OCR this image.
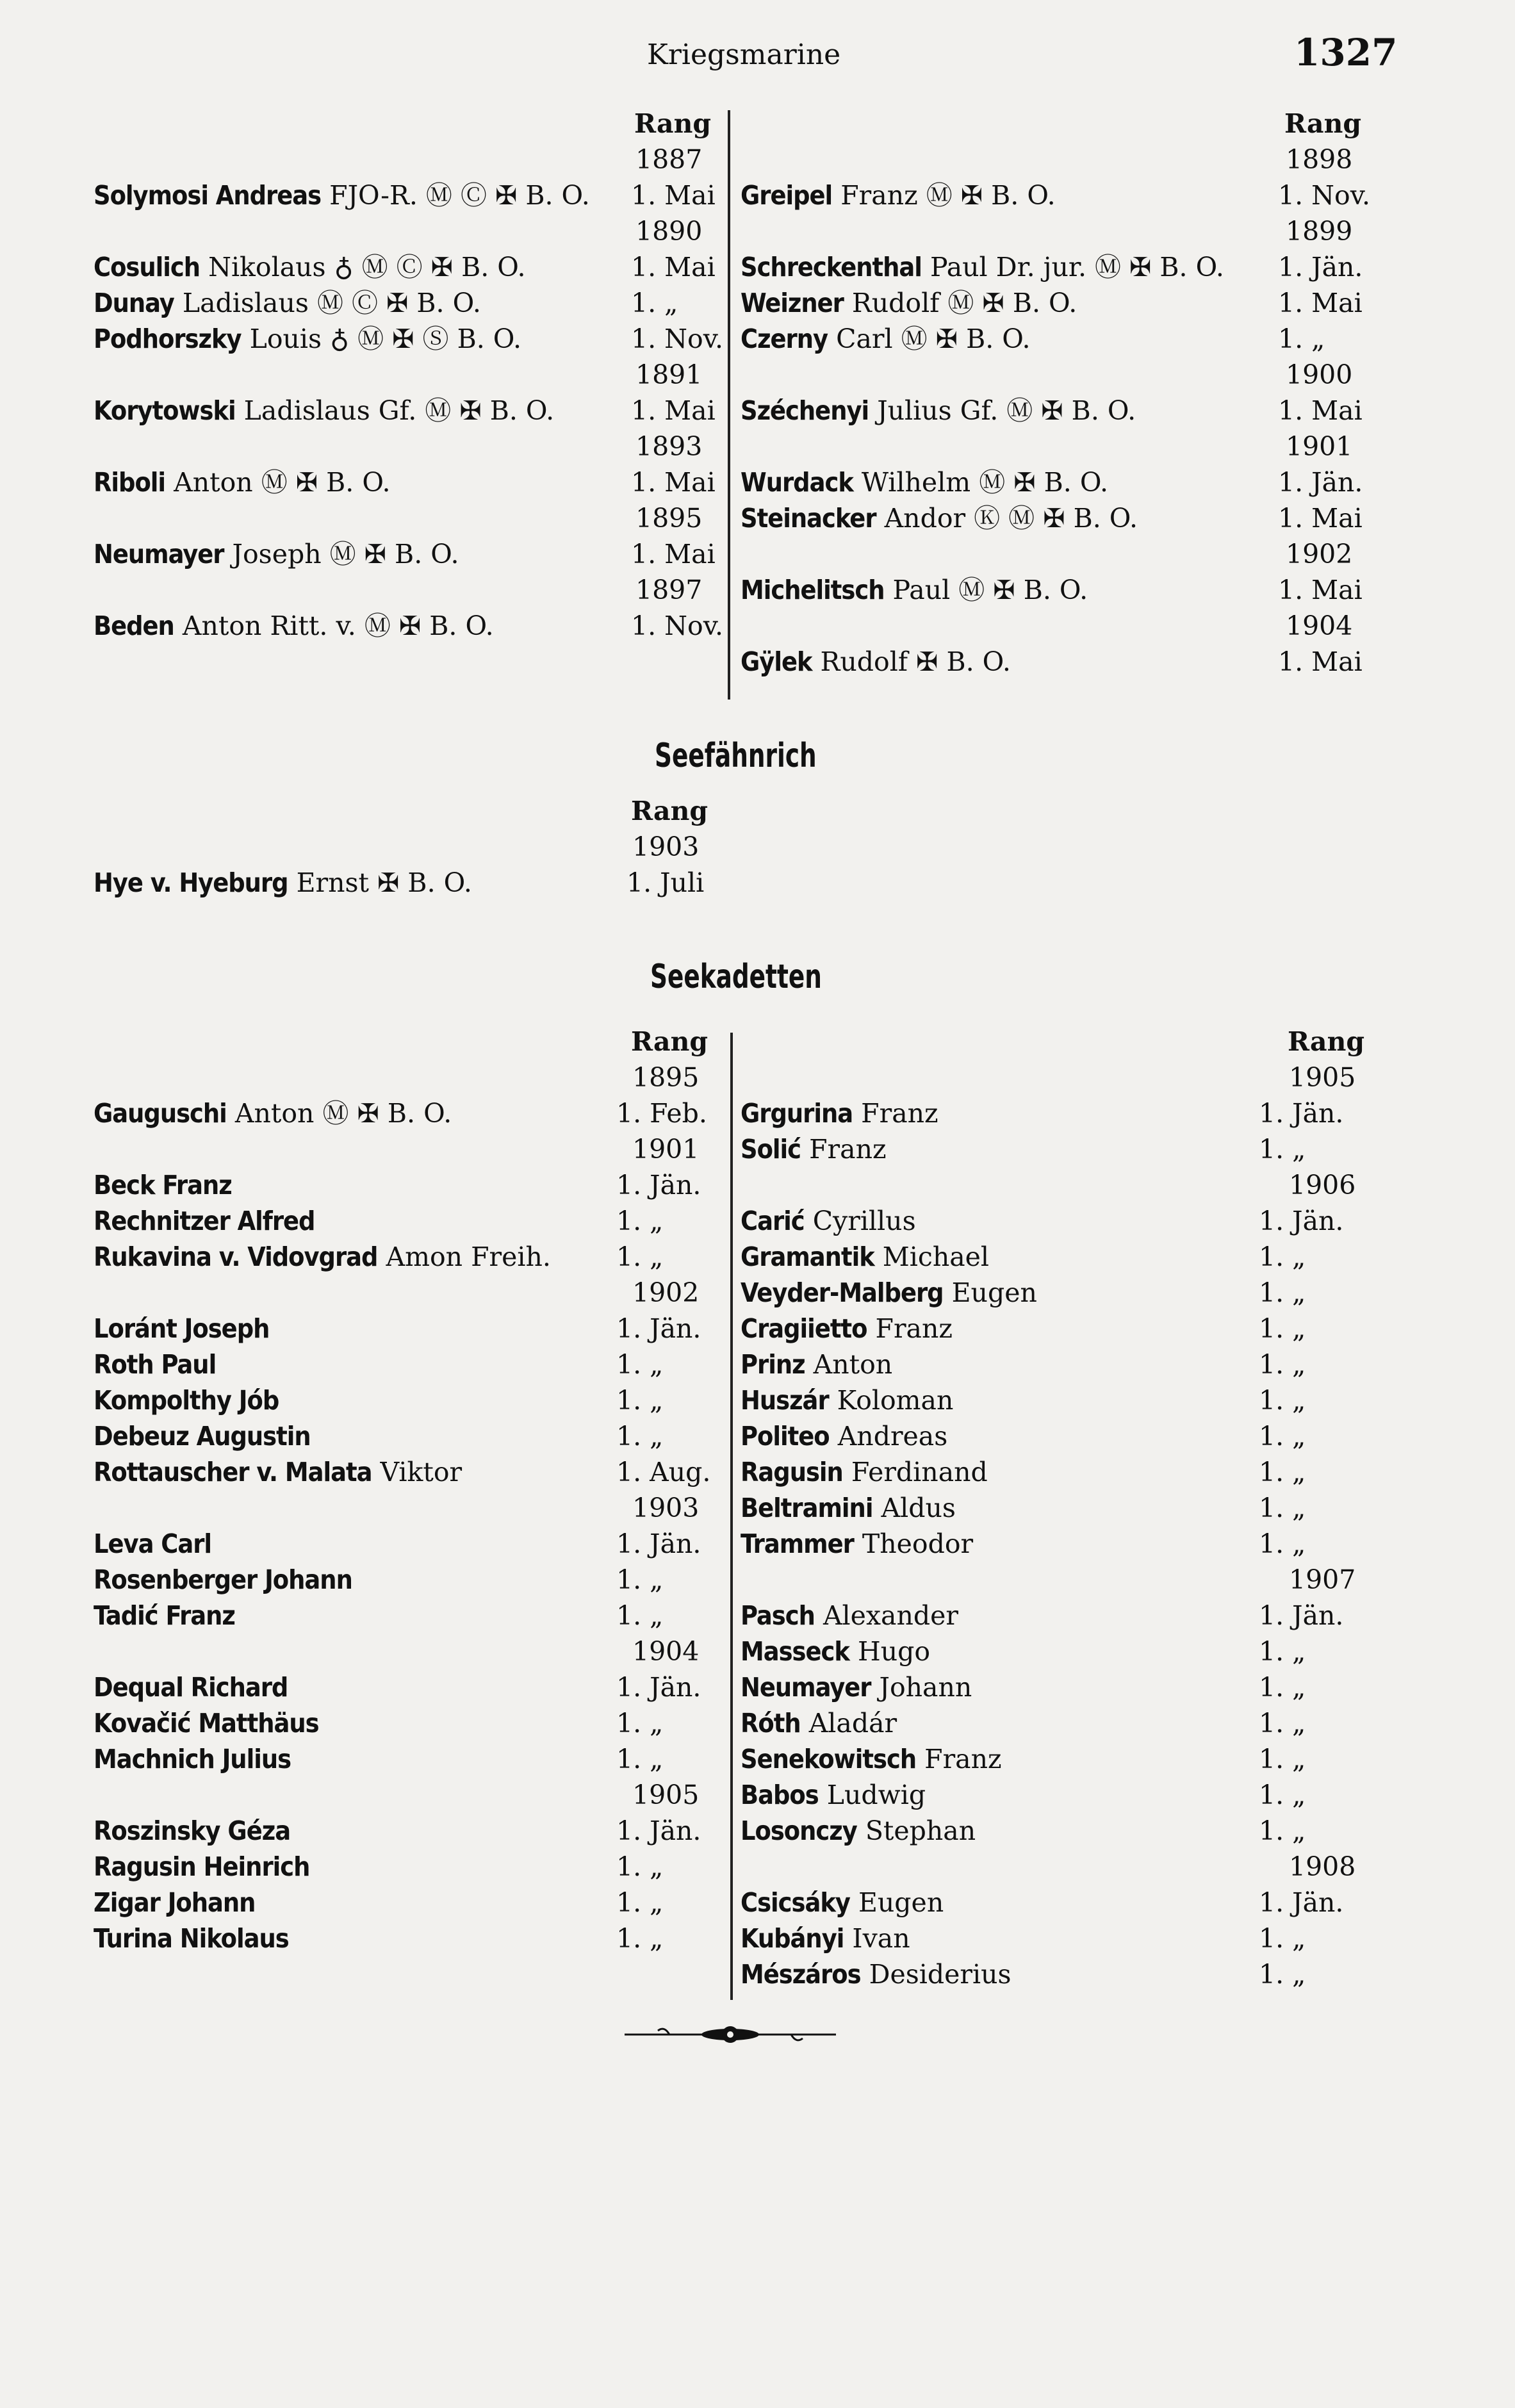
Kriegsmarine	1327
Rang
1887
Solymosi Andreas FJO-R. Ⓜ Ⓒ ✠ B. O. 1. Mai
1890
Cosulich Nikolaus ♁ Ⓜ Ⓒ ✠ B. O.	1. Mai
Dunay Ladislaus Ⓜ Ⓒ ✠ B. O.	1. „
Podhorszky Louis ♁ Ⓜ ✠ Ⓢ B. O.	1. Nov.
1891
Korytowski Ladislaus Gf. Ⓜ ✠ B. O.	1. Mai
1893
Riboli Anton Ⓜ ✠ B. O.	1. Mai
1895
Neumayer Joseph Ⓜ ✠ B. O.	1. Mai
1897
Beden Anton Ritt. v. Ⓜ ✠ B. O.	1. Nov.
Rang
1898
Greipel Franz Ⓜ ✠ B. O.	1. Nov.
1899
Schreckenthal Paul Dr. jur. Ⓜ ✠ B. O. 1. Jän.
Weizner Rudolf Ⓜ ✠ B. O.	1. Mai
Czerny Carl Ⓜ ✠ B. O.	1. „
1900
Széchenyi Julius Gf. Ⓜ ✠ B. O.	1. Mai
1901
Wurdack Wilhelm Ⓜ ✠ B. O.	1. Jän.
Steinacker Andor Ⓚ Ⓜ ✠ B. O.	1. Mai
1902
Michelitsch Paul Ⓜ ✠ B. O.	1. Mai
1904
Gÿlek Rudolf ✠ B. O.	1. Mai
Seefähnrich
Rang
1903
Hye v. Hyeburg Ernst ✠ B. O.	1. Juli
Seekadetten
Rang
1895
Gauguschi Anton Ⓜ ✠ B. O.	1. Feb.
1901
Beck Franz	1. Jän.
Rechnitzer Alfred	1. „
Rukavina v. Vidovgrad Amon Freih. 1. „
1902
Loránt Joseph	1. Jän.
Roth Paul	1. „
Kompolthy Jób	1. „
Debeuz Augustin	1. „
Rottauscher v. Malata Viktor	1. Aug.
1903
Leva Carl	1. Jän.
Rosenberger Johann	1. „
Tadić Franz	1. „
1904
Dequal Richard	1. Jän.
Kovačić Matthäus	1. „
Machnich Julius	1. „
1905
Roszinsky Géza	1. Jän.
Ragusin Heinrich	1. „
Zigar Johann	1. „
Turina Nikolaus	1. „
Rang
1905
Grgurina Franz	1. Jän.
Solić Franz	1. „
1906
Carić Cyrillus	1. Jän.
Gramantik Michael	1. „
Veyder-Malberg Eugen	1. „
Cragiietto Franz	1. „
Prinz Anton	1. „
Huszár Koloman	1. „
Politeo Andreas	1. „
Ragusin Ferdinand	1. „
Beltramini Aldus	1. „
Trammer Theodor	1. „
1907
Pasch Alexander	1. Jän.
Masseck Hugo	1. „
Neumayer Johann	1. „
Róth Aladár	1. „
Senekowitsch Franz	1. „
Babos Ludwig	1. „
Losonczy Stephan	1. „
1908
Csicsáky Eugen	1. Jän.
Kubányi Ivan	1. „
Mészáros Desiderius	1. „
